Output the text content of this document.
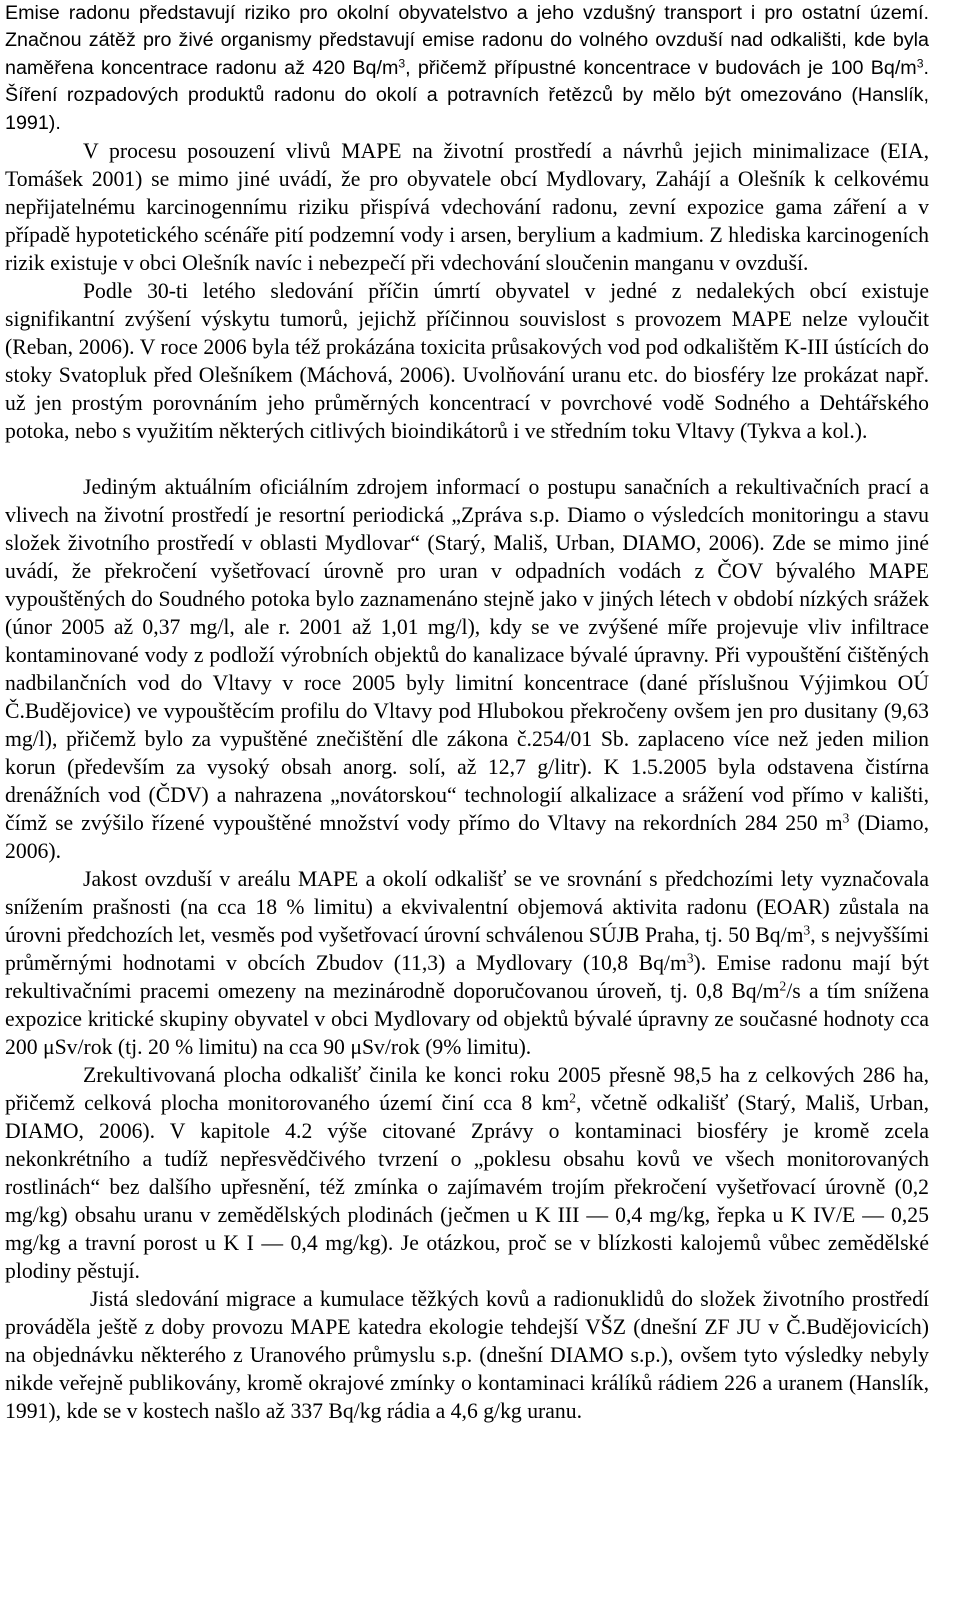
Emise radonu představují riziko pro okolní obyvatelstvo a jeho vzdušný transport i pro ostatní území. Značnou zátěž pro živé organismy představují emise radonu do volného ovzduší nad odkališti, kde byla naměřena koncentrace radonu až 420 $Bq/m^3$, přičemž přípustné koncentrace v budovách je 100 $Bq/m^3$. Šíření rozpadových produktů radonu do okolí a potravních řetězců by mělo být omezováno (Hanslík, 1991).

V procesu posouzení vlivů MAPE na životní prostředí a návrhů jejich minimalizace (EIA, Tomášek 2001) se mimo jiné uvádí, že pro obyvatele obcí Mydlovary, Zahájí a Olešník k celkovému nepřijatelnému karcinogennímu riziku přispívá vdechování radonu, zevní expozice gama záření a v případě hypotetického scénáře pití podzemní vody i arsen, berylium a kadmium. Z hlediska karcinogeních rizik existuje v obci Olešník navíc i nebezpečí při vdechování sloučenin manganu v ovzduší.

Podle 30-ti letého sledování příčin úmrtí obyvatel v jedné z nedalekých obcí existuje signifikantní zvýšení výskytu tumorů, jejichž příčinnou souvislost s provozem MAPE nelze vyloučit (Reban, 2006). V roce 2006 byla též prokázána toxicita průsakových vod pod odkalištěm K-III ústících do stoky Svatopluk před Olešníkem (Máchová, 2006). Uvolňování uranu etc. do biosféry lze prokázat např. už jen prostým porovnáním jeho průměrných koncentrací v povrchové vodě Sodného a Dehtářského potoka, nebo s využitím některých citlivých bioindikátorů i ve středním toku Vltavy (Tykva a kol.).

Jediným aktuálním oficiálním zdrojem informací o postupu sanačních a rekultivačních prací a vlivech na životní prostředí je resortní periodická „Zpráva s.p. Diamo o výsledcích monitoringu a stavu složek životního prostředí v oblasti Mydlovar“ (Starý, Mališ, Urban, DIAMO, 2006). Zde se mimo jiné uvádí, že překročení vyšetřovací úrovně pro uran v odpadních vodách z ČOV bývalého MAPE vypouštěných do Soudného potoka bylo zaznamenáno stejně jako v jiných létech v období nízkých srážek (únor 2005 až 0,37 mg/l, ale r. 2001 až 1,01 mg/l), kdy se ve zvýšené míře projevuje vliv infiltrace kontaminované vody z podloží výrobních objektů do kanalizace bývalé úpravny. Při vypouštění čištěných nadbilančních vod do Vltavy v roce 2005 byly limitní koncentrace (dané příslušnou Výjimkou OÚ Č.Budějovice) ve vypouštěcím profilu do Vltavy pod Hlubokou překročeny ovšem jen pro dusitany (9,63 mg/l), přičemž bylo za vypuštěné znečištění dle zákona č.254/01 Sb. zaplaceno více než jeden milion korun (především za vysoký obsah anorg. solí, až 12,7 g/litr). K 1.5.2005 byla odstavena čistírna drenážních vod (ČDV) a nahrazena „novátorskou“ technologií alkalizace a srážení vod přímo v kališti, čímž se zvýšilo řízené vypouštěné množství vody přímo do Vltavy na rekordních 284 250 $m^3$ (Diamo, 2006).

Jakost ovzduší v areálu MAPE a okolí odkališť se ve srovnání s předchozími lety vyznačovala snížením prašnosti (na cca 18 % limitu) a ekvivalentní objemová aktivita radonu (EOAR) zůstala na úrovni předchozích let, vesměs pod vyšetřovací úrovní schválenou SÚJB Praha, tj. 50 $Bq/m^3$, s nejvyššími průměrnými hodnotami v obcích Zbudov (11,3) a Mydlovary (10,8 $Bq/m^3$). Emise radonu mají být rekultivačními pracemi omezeny na mezinárodně doporučovanou úroveň, tj. 0,8 $Bq/m^2/s$ a tím snížena expozice kritické skupiny obyvatel v obci Mydlovary od objektů bývalé úpravny ze současné hodnoty cca 200 μSv/rok (tj. 20 % limitu) na cca 90 μSv/rok (9% limitu).

Zrekultivovaná plocha odkališť činila ke konci roku 2005 přesně 98,5 ha z celkových 286 ha, přičemž celková plocha monitorovaného území činí cca 8 $km^2$, včetně odkališť (Starý, Mališ, Urban, DIAMO, 2006). V kapitole 4.2 výše citované Zprávy o kontaminaci biosféry je kromě zcela nekonkrétního a tudíž nepřesvědčivého tvrzení o „poklesu obsahu kovů ve všech monitorovaných rostlinách“ bez dalšího upřesnění, též zmínka o zajímavém trojím překročení vyšetřovací úrovně (0,2 mg/kg) obsahu uranu v zemědělských plodinách (ječmen u K III — 0,4 mg/kg, řepka u K IV/E — 0,25 mg/kg a travní porost u K I — 0,4 mg/kg). Je otázkou, proč se v blízkosti kalojemů vůbec zemědělské plodiny pěstují.

Jistá sledování migrace a kumulace těžkých kovů a radionuklidů do složek životního prostředí prováděla ještě z doby provozu MAPE katedra ekologie tehdejší VŠZ (dnešní ZF JU v Č.Budějovicích) na objednávku některého z Uranového průmyslu s.p. (dnešní DIAMO s.p.), ovšem tyto výsledky nebyly nikde veřejně publikovány, kromě okrajové zmínky o kontaminaci králíků rádiem 226 a uranem (Hanslík, 1991), kde se v kostech našlo až 337 Bq/kg rádia a 4,6 g/kg uranu.
